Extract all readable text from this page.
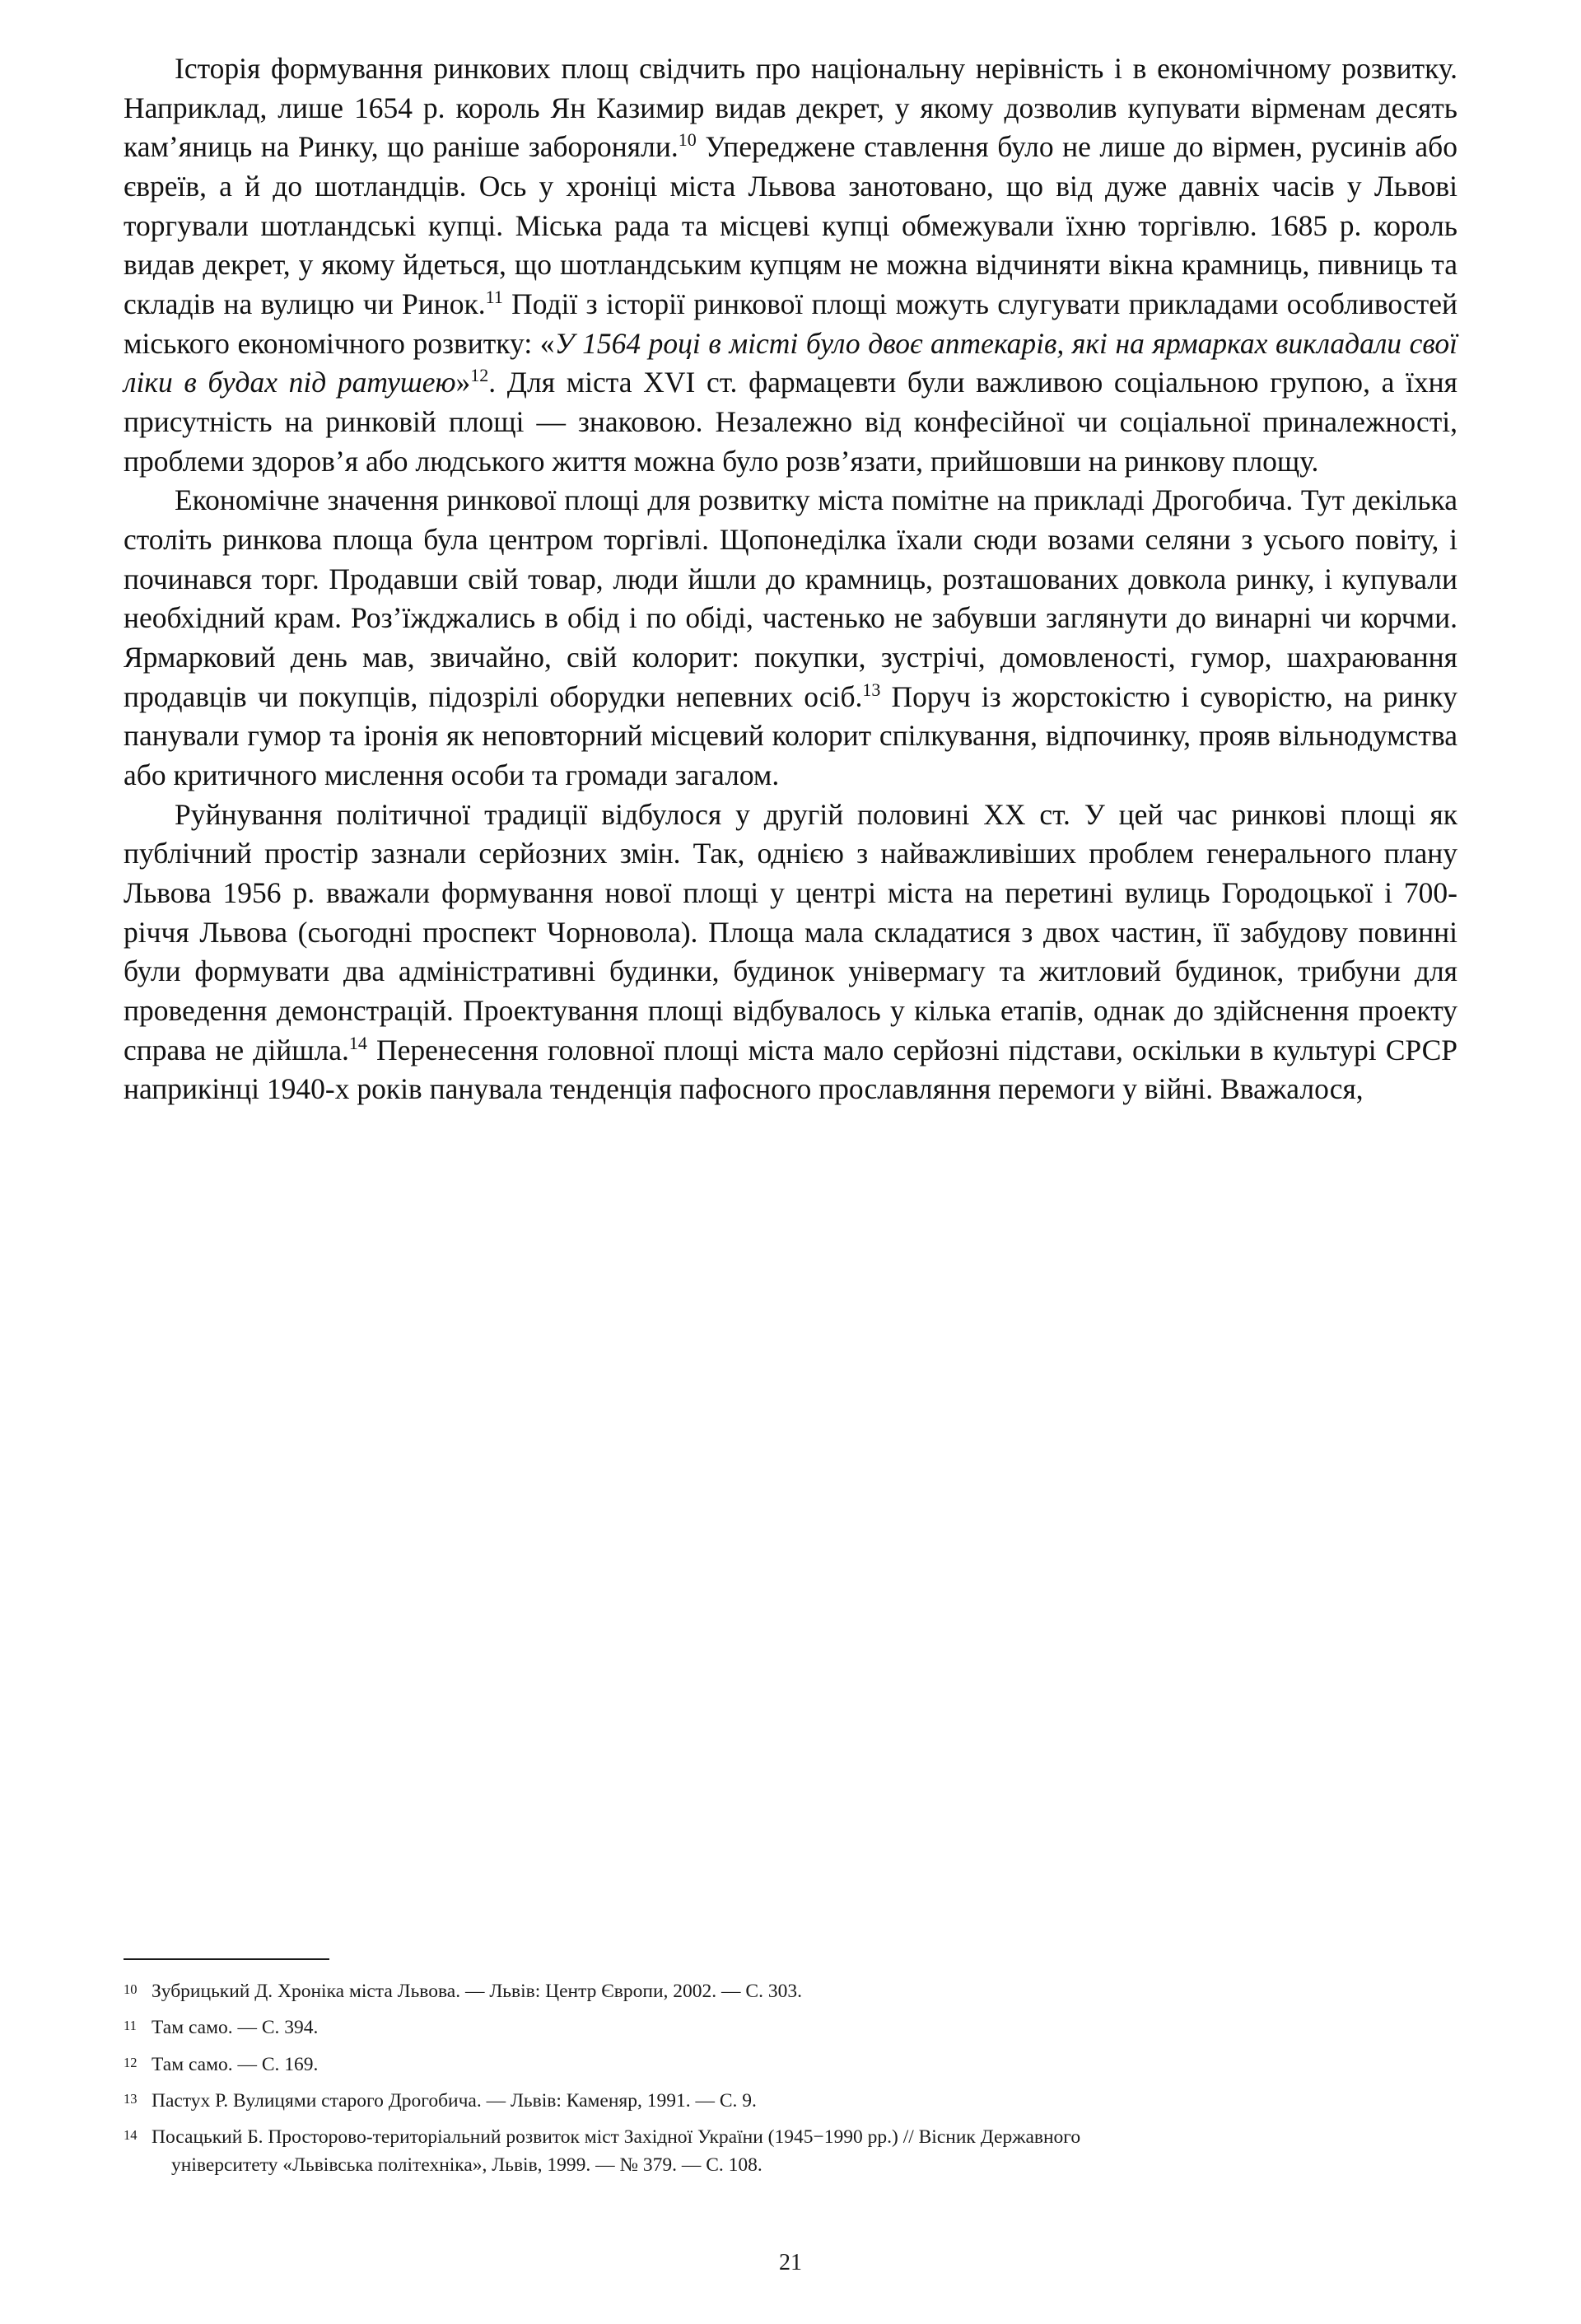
Історія формування ринкових площ свідчить про національну нерівність і в економічному розвитку. Наприклад, лише 1654 р. король Ян Казимир видав декрет, у якому дозволив купувати вірменам десять кам’яниць на Ринку, що раніше забороняли.$^{10}$ Упереджене ставлення було не лише до вірмен, русинів або євреїв, а й до шотландців. Ось у хроніці міста Львова занотовано, що від дуже давніх часів у Львові торгували шотландські купці. Міська рада та місцеві купці обмежували їхню торгівлю. 1685 р. король видав декрет, у якому йдеться, що шотландським купцям не можна відчиняти вікна крамниць, пивниць та складів на вулицю чи Ринок.$^{11}$ Події з історії ринкової площі можуть слугувати прикладами особливостей міського економічного розвитку: «У 1564 році в місті було двоє аптекарів, які на ярмарках викладали свої ліки в будах під ратушею»$^{12}$. Для міста XVI ст. фармацевти були важливою соціальною групою, а їхня присутність на ринковій площі — знаковою. Незалежно від конфесійної чи соціальної приналежності, проблеми здоров’я або людського життя можна було розв’язати, прийшовши на ринкову площу.

Економічне значення ринкової площі для розвитку міста помітне на прикладі Дрогобича. Тут декілька століть ринкова площа була центром торгівлі. Щопонеділка їхали сюди возами селяни з усього повіту, і починався торг. Продавши свій товар, люди йшли до крамниць, розташованих довкола ринку, і купували необхідний крам. Роз’їжджались в обід і по обіді, частенько не забувши заглянути до винарні чи корчми. Ярмарковий день мав, звичайно, свій колорит: покупки, зустрічі, домовленості, гумор, шахраювання продавців чи покупців, підозрілі оборудки непевних осіб.$^{13}$ Поруч із жорстокістю і суворістю, на ринку панували гумор та іронія як неповторний місцевий колорит спілкування, відпочинку, прояв вільнодумства або критичного мислення особи та громади загалом.

Руйнування політичної традиції відбулося у другій половині XX ст. У цей час ринкові площі як публічний простір зазнали серйозних змін. Так, однією з найважливіших проблем генерального плану Львова 1956 р. вважали формування нової площі у центрі міста на перетині вулиць Городоцької і 700-річчя Львова (сьогодні проспект Чорновола). Площа мала складатися з двох частин, її забудову повинні були формувати два адміністративні будинки, будинок універмагу та житловий будинок, трибуни для проведення демонстрацій. Проектування площі відбувалось у кілька етапів, однак до здійснення проекту справа не дійшла.$^{14}$ Перенесення головної площі міста мало серйозні підстави, оскільки в культурі СРСР наприкінці 1940-х років панувала тенденція пафосного прославляння перемоги у війні. Вважалося,

10 Зубрицький Д. Хроніка міста Львова. — Львів: Центр Європи, 2002. — С. 303.
11 Там само. — С. 394.
12 Там само. — С. 169.
13 Пастух Р. Вулицями старого Дрогобича. — Львів: Каменяр, 1991. — С. 9.
14 Посацький Б. Просторово-територіальний розвиток міст Західної України (1945−1990 рр.) // Вісник Державного
університету «Львівська політехніка», Львів, 1999. — № 379. — С. 108.
21
